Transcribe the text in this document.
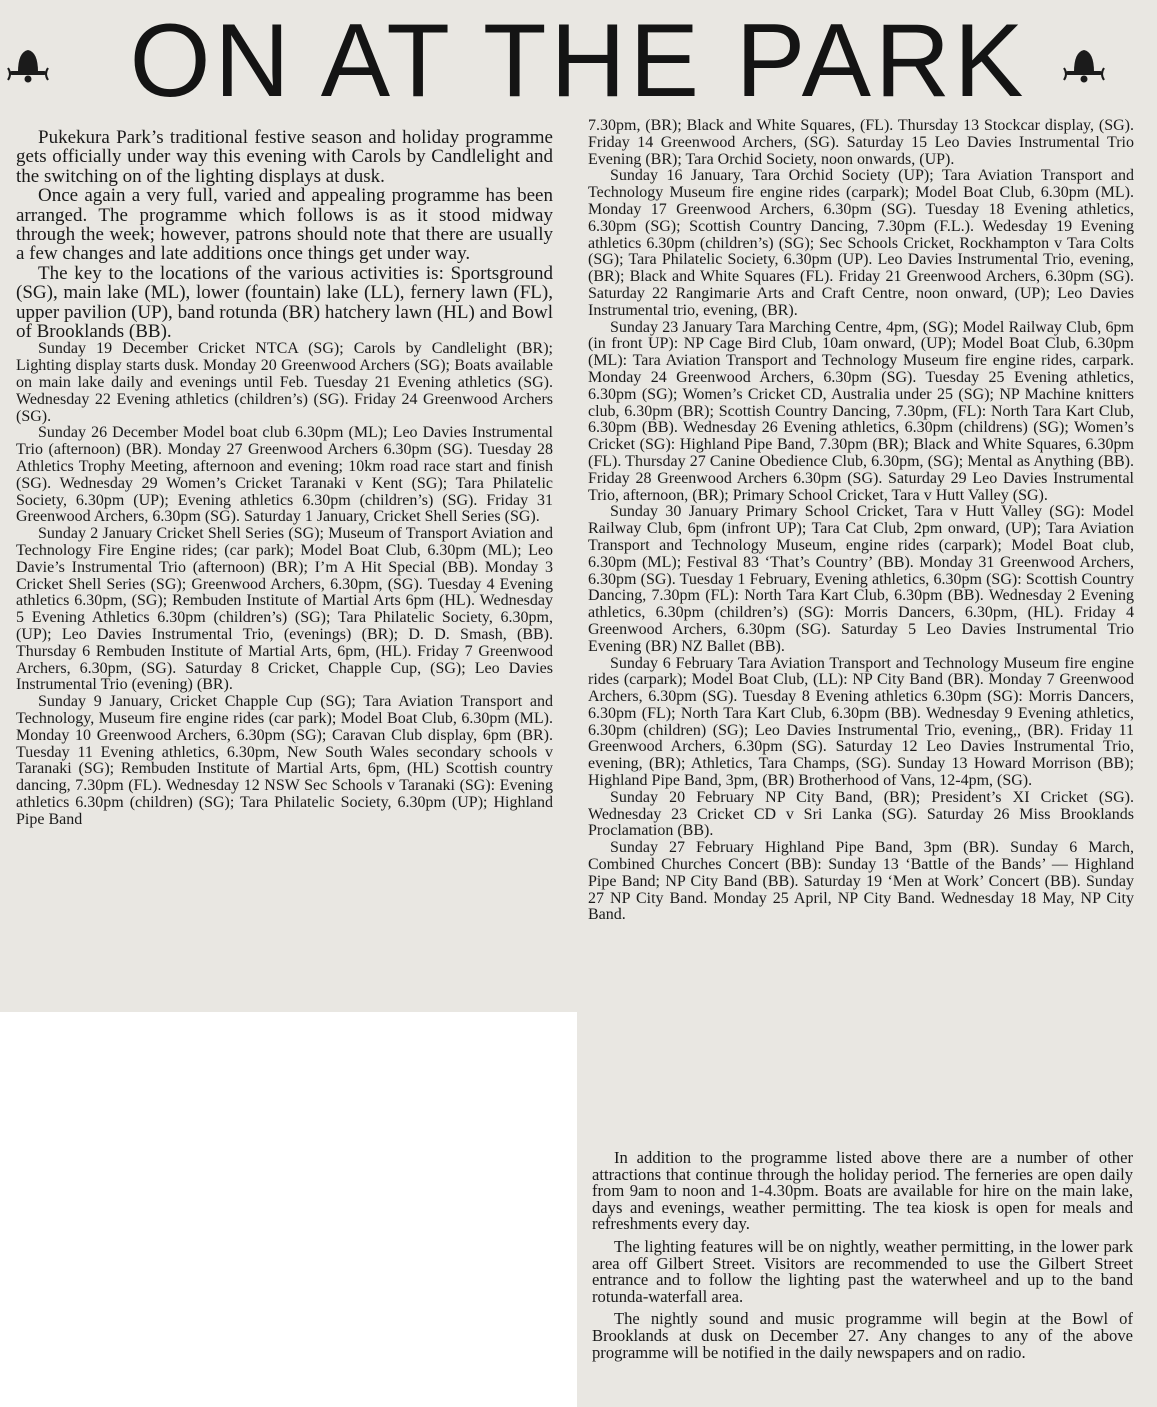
ON AT THE PARK

Pukekura Park’s traditional festive season and holiday programme gets officially under way this evening with Carols by Candlelight and the switching on of the lighting displays at dusk.

Once again a very full, varied and appealing programme has been arranged. The programme which follows is as it stood midway through the week; however, patrons should note that there are usually a few changes and late additions once things get under way.

The key to the locations of the various activities is: Sportsground (SG), main lake (ML), lower (fountain) lake (LL), fernery lawn (FL), upper pavilion (UP), band rotunda (BR) hatchery lawn (HL) and Bowl of Brooklands (BB).

Sunday 19 December Cricket NTCA (SG); Carols by Candlelight (BR); Lighting display starts dusk. Monday 20 Greenwood Archers (SG); Boats available on main lake daily and evenings until Feb. Tuesday 21 Evening athletics (SG). Wednesday 22 Evening athletics (children’s) (SG). Friday 24 Greenwood Archers (SG).

Sunday 26 December Model boat club 6.30pm (ML); Leo Davies Instrumental Trio (afternoon) (BR). Monday 27 Greenwood Archers 6.30pm (SG). Tuesday 28 Athletics Trophy Meeting, afternoon and evening; 10km road race start and finish (SG). Wednesday 29 Women’s Cricket Taranaki v Kent (SG); Tara Philatelic Society, 6.30pm (UP); Evening athletics 6.30pm (children’s) (SG). Friday 31 Greenwood Archers, 6.30pm (SG). Saturday 1 January, Cricket Shell Series (SG).

Sunday 2 January Cricket Shell Series (SG); Museum of Transport Aviation and Technology Fire Engine rides; (car park); Model Boat Club, 6.30pm (ML); Leo Davie’s Instrumental Trio (afternoon) (BR); I’m A Hit Special (BB). Monday 3 Cricket Shell Series (SG); Greenwood Archers, 6.30pm, (SG). Tuesday 4 Evening athletics 6.30pm, (SG); Rembuden Institute of Martial Arts 6pm (HL). Wednesday 5 Evening Athletics 6.30pm (children’s) (SG); Tara Philatelic Society, 6.30pm, (UP); Leo Davies Instrumental Trio, (evenings) (BR); D. D. Smash, (BB). Thursday 6 Rembuden Institute of Martial Arts, 6pm, (HL). Friday 7 Greenwood Archers, 6.30pm, (SG). Saturday 8 Cricket, Chapple Cup, (SG); Leo Davies Instrumental Trio (evening) (BR).

Sunday 9 January, Cricket Chapple Cup (SG); Tara Aviation Transport and Technology, Museum fire engine rides (car park); Model Boat Club, 6.30pm (ML). Monday 10 Greenwood Archers, 6.30pm (SG); Caravan Club display, 6pm (BR). Tuesday 11 Evening athletics, 6.30pm, New South Wales secondary schools v Taranaki (SG); Rembuden Institute of Martial Arts, 6pm, (HL) Scottish country dancing, 7.30pm (FL). Wednesday 12 NSW Sec Schools v Taranaki (SG): Evening athletics 6.30pm (children) (SG); Tara Philatelic Society, 6.30pm (UP); Highland Pipe Band

7.30pm, (BR); Black and White Squares, (FL). Thursday 13 Stockcar display, (SG). Friday 14 Greenwood Archers, (SG). Saturday 15 Leo Davies Instrumental Trio Evening (BR); Tara Orchid Society, noon onwards, (UP).

Sunday 16 January, Tara Orchid Society (UP); Tara Aviation Transport and Technology Museum fire engine rides (carpark); Model Boat Club, 6.30pm (ML). Monday 17 Greenwood Archers, 6.30pm (SG). Tuesday 18 Evening athletics, 6.30pm (SG); Scottish Country Dancing, 7.30pm (F.L.). Wedesday 19 Evening athletics 6.30pm (children’s) (SG); Sec Schools Cricket, Rockhampton v Tara Colts (SG); Tara Philatelic Society, 6.30pm (UP). Leo Davies Instrumental Trio, evening, (BR); Black and White Squares (FL). Friday 21 Greenwood Archers, 6.30pm (SG). Saturday 22 Rangimarie Arts and Craft Centre, noon onward, (UP); Leo Davies Instrumental trio, evening, (BR).

Sunday 23 January Tara Marching Centre, 4pm, (SG); Model Railway Club, 6pm (in front UP): NP Cage Bird Club, 10am onward, (UP); Model Boat Club, 6.30pm (ML): Tara Aviation Transport and Technology Museum fire engine rides, carpark. Monday 24 Greenwood Archers, 6.30pm (SG). Tuesday 25 Evening athletics, 6.30pm (SG); Women’s Cricket CD, Australia under 25 (SG); NP Machine knitters club, 6.30pm (BR); Scottish Country Dancing, 7.30pm, (FL): North Tara Kart Club, 6.30pm (BB). Wednesday 26 Evening athletics, 6.30pm (childrens) (SG); Women’s Cricket (SG): Highland Pipe Band, 7.30pm (BR); Black and White Squares, 6.30pm (FL). Thursday 27 Canine Obedience Club, 6.30pm, (SG); Mental as Anything (BB). Friday 28 Greenwood Archers 6.30pm (SG). Saturday 29 Leo Davies Instrumental Trio, afternoon, (BR); Primary School Cricket, Tara v Hutt Valley (SG).

Sunday 30 January Primary School Cricket, Tara v Hutt Valley (SG): Model Railway Club, 6pm (infront UP); Tara Cat Club, 2pm onward, (UP); Tara Aviation Transport and Technology Museum, engine rides (carpark); Model Boat club, 6.30pm (ML); Festival 83 ‘That’s Country’ (BB). Monday 31 Greenwood Archers, 6.30pm (SG). Tuesday 1 February, Evening athletics, 6.30pm (SG): Scottish Country Dancing, 7.30pm (FL): North Tara Kart Club, 6.30pm (BB). Wednesday 2 Evening athletics, 6.30pm (children’s) (SG): Morris Dancers, 6.30pm, (HL). Friday 4 Greenwood Archers, 6.30pm (SG). Saturday 5 Leo Davies Instrumental Trio Evening (BR) NZ Ballet (BB).

Sunday 6 February Tara Aviation Transport and Technology Museum fire engine rides (carpark); Model Boat Club, (LL): NP City Band (BR). Monday 7 Greenwood Archers, 6.30pm (SG). Tuesday 8 Evening athletics 6.30pm (SG): Morris Dancers, 6.30pm (FL); North Tara Kart Club, 6.30pm (BB). Wednesday 9 Evening athletics, 6.30pm (children) (SG); Leo Davies Instrumental Trio, evening,, (BR). Friday 11 Greenwood Archers, 6.30pm (SG). Saturday 12 Leo Davies Instrumental Trio, evening, (BR); Athletics, Tara Champs, (SG). Sunday 13 Howard Morrison (BB); Highland Pipe Band, 3pm, (BR) Brotherhood of Vans, 12-4pm, (SG).

Sunday 20 February NP City Band, (BR); President’s XI Cricket (SG). Wednesday 23 Cricket CD v Sri Lanka (SG). Saturday 26 Miss Brooklands Proclamation (BB).

Sunday 27 February Highland Pipe Band, 3pm (BR). Sunday 6 March, Combined Churches Concert (BB): Sunday 13 ‘Battle of the Bands’ — Highland Pipe Band; NP City Band (BB). Saturday 19 ‘Men at Work’ Concert (BB). Sunday 27 NP City Band. Monday 25 April, NP City Band. Wednesday 18 May, NP City Band.

In addition to the programme listed above there are a number of other attractions that continue through the holiday period. The ferneries are open daily from 9am to noon and 1-4.30pm. Boats are available for hire on the main lake, days and evenings, weather permitting. The tea kiosk is open for meals and refreshments every day.

The lighting features will be on nightly, weather permitting, in the lower park area off Gilbert Street. Visitors are recommended to use the Gilbert Street entrance and to follow the lighting past the waterwheel and up to the band rotunda-waterfall area.

The nightly sound and music programme will begin at the Bowl of Brooklands at dusk on December 27. Any changes to any of the above programme will be notified in the daily newspapers and on radio.
